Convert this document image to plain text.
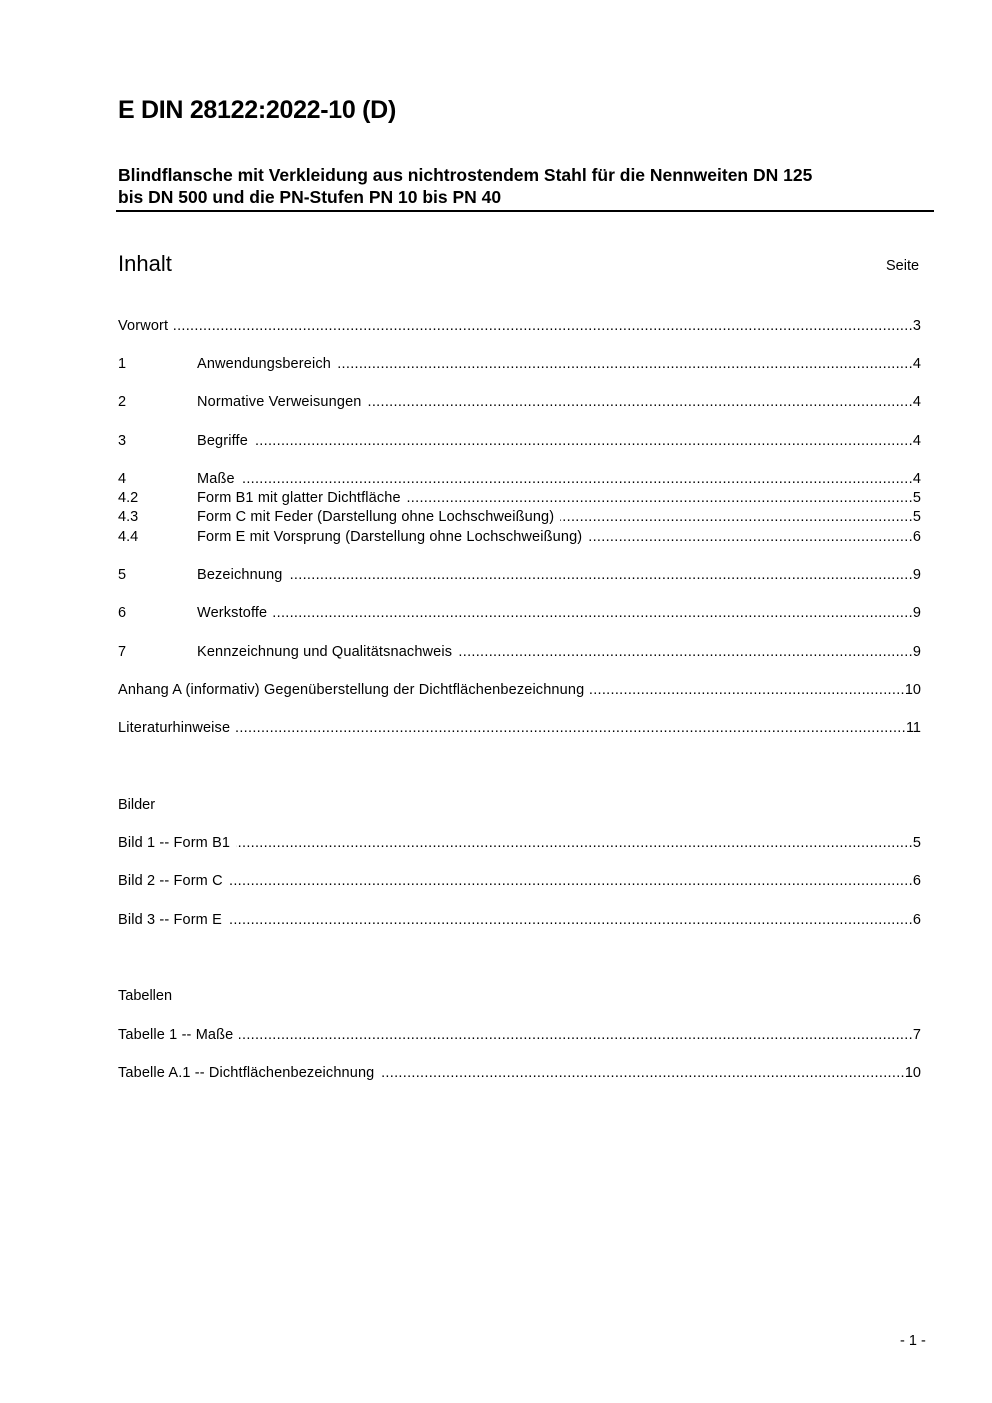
E DIN 28122:2022-10 (D)
Blindflansche mit Verkleidung aus nichtrostendem Stahl für die Nennweiten DN 125
bis DN 500 und die PN-Stufen PN 10 bis PN 40
Inhalt	Seite
Vorwort .....	3
1	Anwendungsbereich .....	4
2	Normative Verweisungen .....	4
3	Begriffe .....	4
4	Maße .....	4
4.2	Form B1 mit glatter Dichtfläche .....	5
4.3	Form C mit Feder (Darstellung ohne Lochschweißung) .....	5
4.4	Form E mit Vorsprung (Darstellung ohne Lochschweißung) .....	6
5	Bezeichnung .....	9
6	Werkstoffe .....	9
7	Kennzeichnung und Qualitätsnachweis .....	9
Anhang A (informativ) Gegenüberstellung der Dichtflächenbezeichnung .....	10
Literaturhinweise .....	11
Bilder
Bild 1 -- Form B1 .....	5
Bild 2 -- Form C .....	6
Bild 3 -- Form E .....	6
Tabellen
Tabelle 1 -- Maße .....	7
Tabelle A.1 -- Dichtflächenbezeichnung .....	10
- 1 -
